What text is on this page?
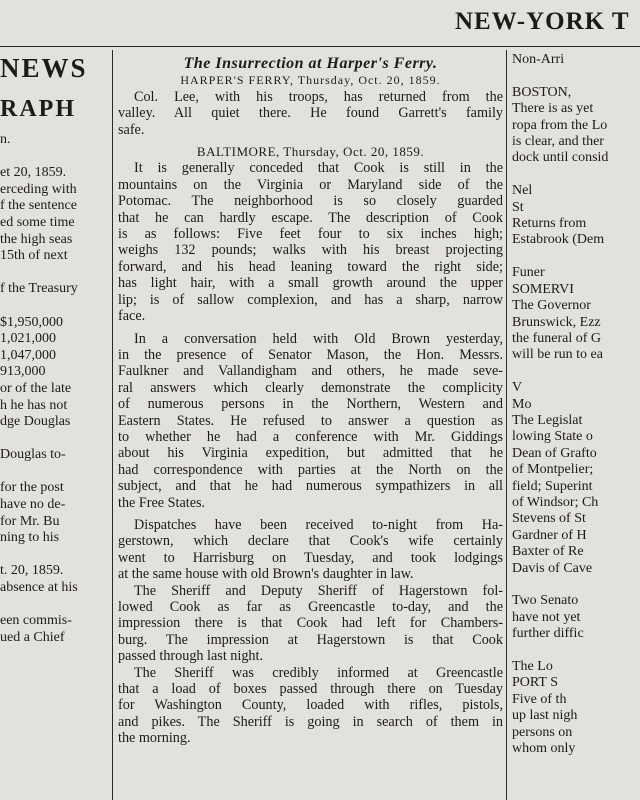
NEW-YORK T
NEWS
RAPH
n.

et 20, 1859.
erceding with
f the sentence
ed some time
the high seas
15th of next

f the Treasury

$1,950,000
1,021,000
1,047,000
913,000
or of the late
h he has not
dge Douglas

Douglas to-

for the post
have no de-
for Mr. Bu
ning to his

t. 20, 1859.
absence at his

een commis-
ued a Chief
The Insurrection at Harper's Ferry.
HARPER'S FERRY, Thursday, Oct. 20, 1859.
Col. Lee, with his troops, has returned from the
valley. All quiet there. He found Garrett's family
safe.
BALTIMORE, Thursday, Oct. 20, 1859.
It is generally conceded that Cook is still in the
mountains on the Virginia or Maryland side of the
Potomac. The neighborhood is so closely guarded
that he can hardly escape. The description of Cook
is as follows: Five feet four to six inches high;
weighs 132 pounds; walks with his breast projecting
forward, and his head leaning toward the right side;
has light hair, with a small growth around the upper
lip; is of sallow complexion, and has a sharp, narrow
face.
In a conversation held with Old Brown yesterday,
in the presence of Senator Mason, the Hon. Messrs.
Faulkner and Vallandigham and others, he made seve-
ral answers which clearly demonstrate the complicity
of numerous persons in the Northern, Western and
Eastern States. He refused to answer a question as
to whether he had a conference with Mr. Giddings
about his Virginia expedition, but admitted that he
had correspondence with parties at the North on the
subject, and that he had numerous sympathizers in all
the Free States.
Dispatches have been received to-night from Ha-
gerstown, which declare that Cook's wife certainly
went to Harrisburg on Tuesday, and took lodgings
at the same house with old Brown's daughter in law.
The Sheriff and Deputy Sheriff of Hagerstown fol-
lowed Cook as far as Greencastle to-day, and the
impression there is that Cook had left for Chambers-
burg. The impression at Hagerstown is that Cook
passed through last night.
The Sheriff was credibly informed at Greencastle
that a load of boxes passed through there on Tuesday
for Washington County, loaded with rifles, pistols,
and pikes. The Sheriff is going in search of them in
the morning.
Non-Arri

BOSTON,
There is as yet
ropa from the Lo
is clear, and ther
dock until consid

Nel
St
Returns from
Estabrook (Dem

Funer
SOMERVI
The Governor
Brunswick, Ezz
the funeral of G
will be run to ea

V
Mo
The Legislat
lowing State o
Dean of Grafto
of Montpelier;
field; Superint
of Windsor; Ch
Stevens of St
Gardner of H
Baxter of Re
Davis of Cave

Two Senato
have not yet
further diffic

The Lo
PORT S
Five of th
up last nigh
persons on
whom only
